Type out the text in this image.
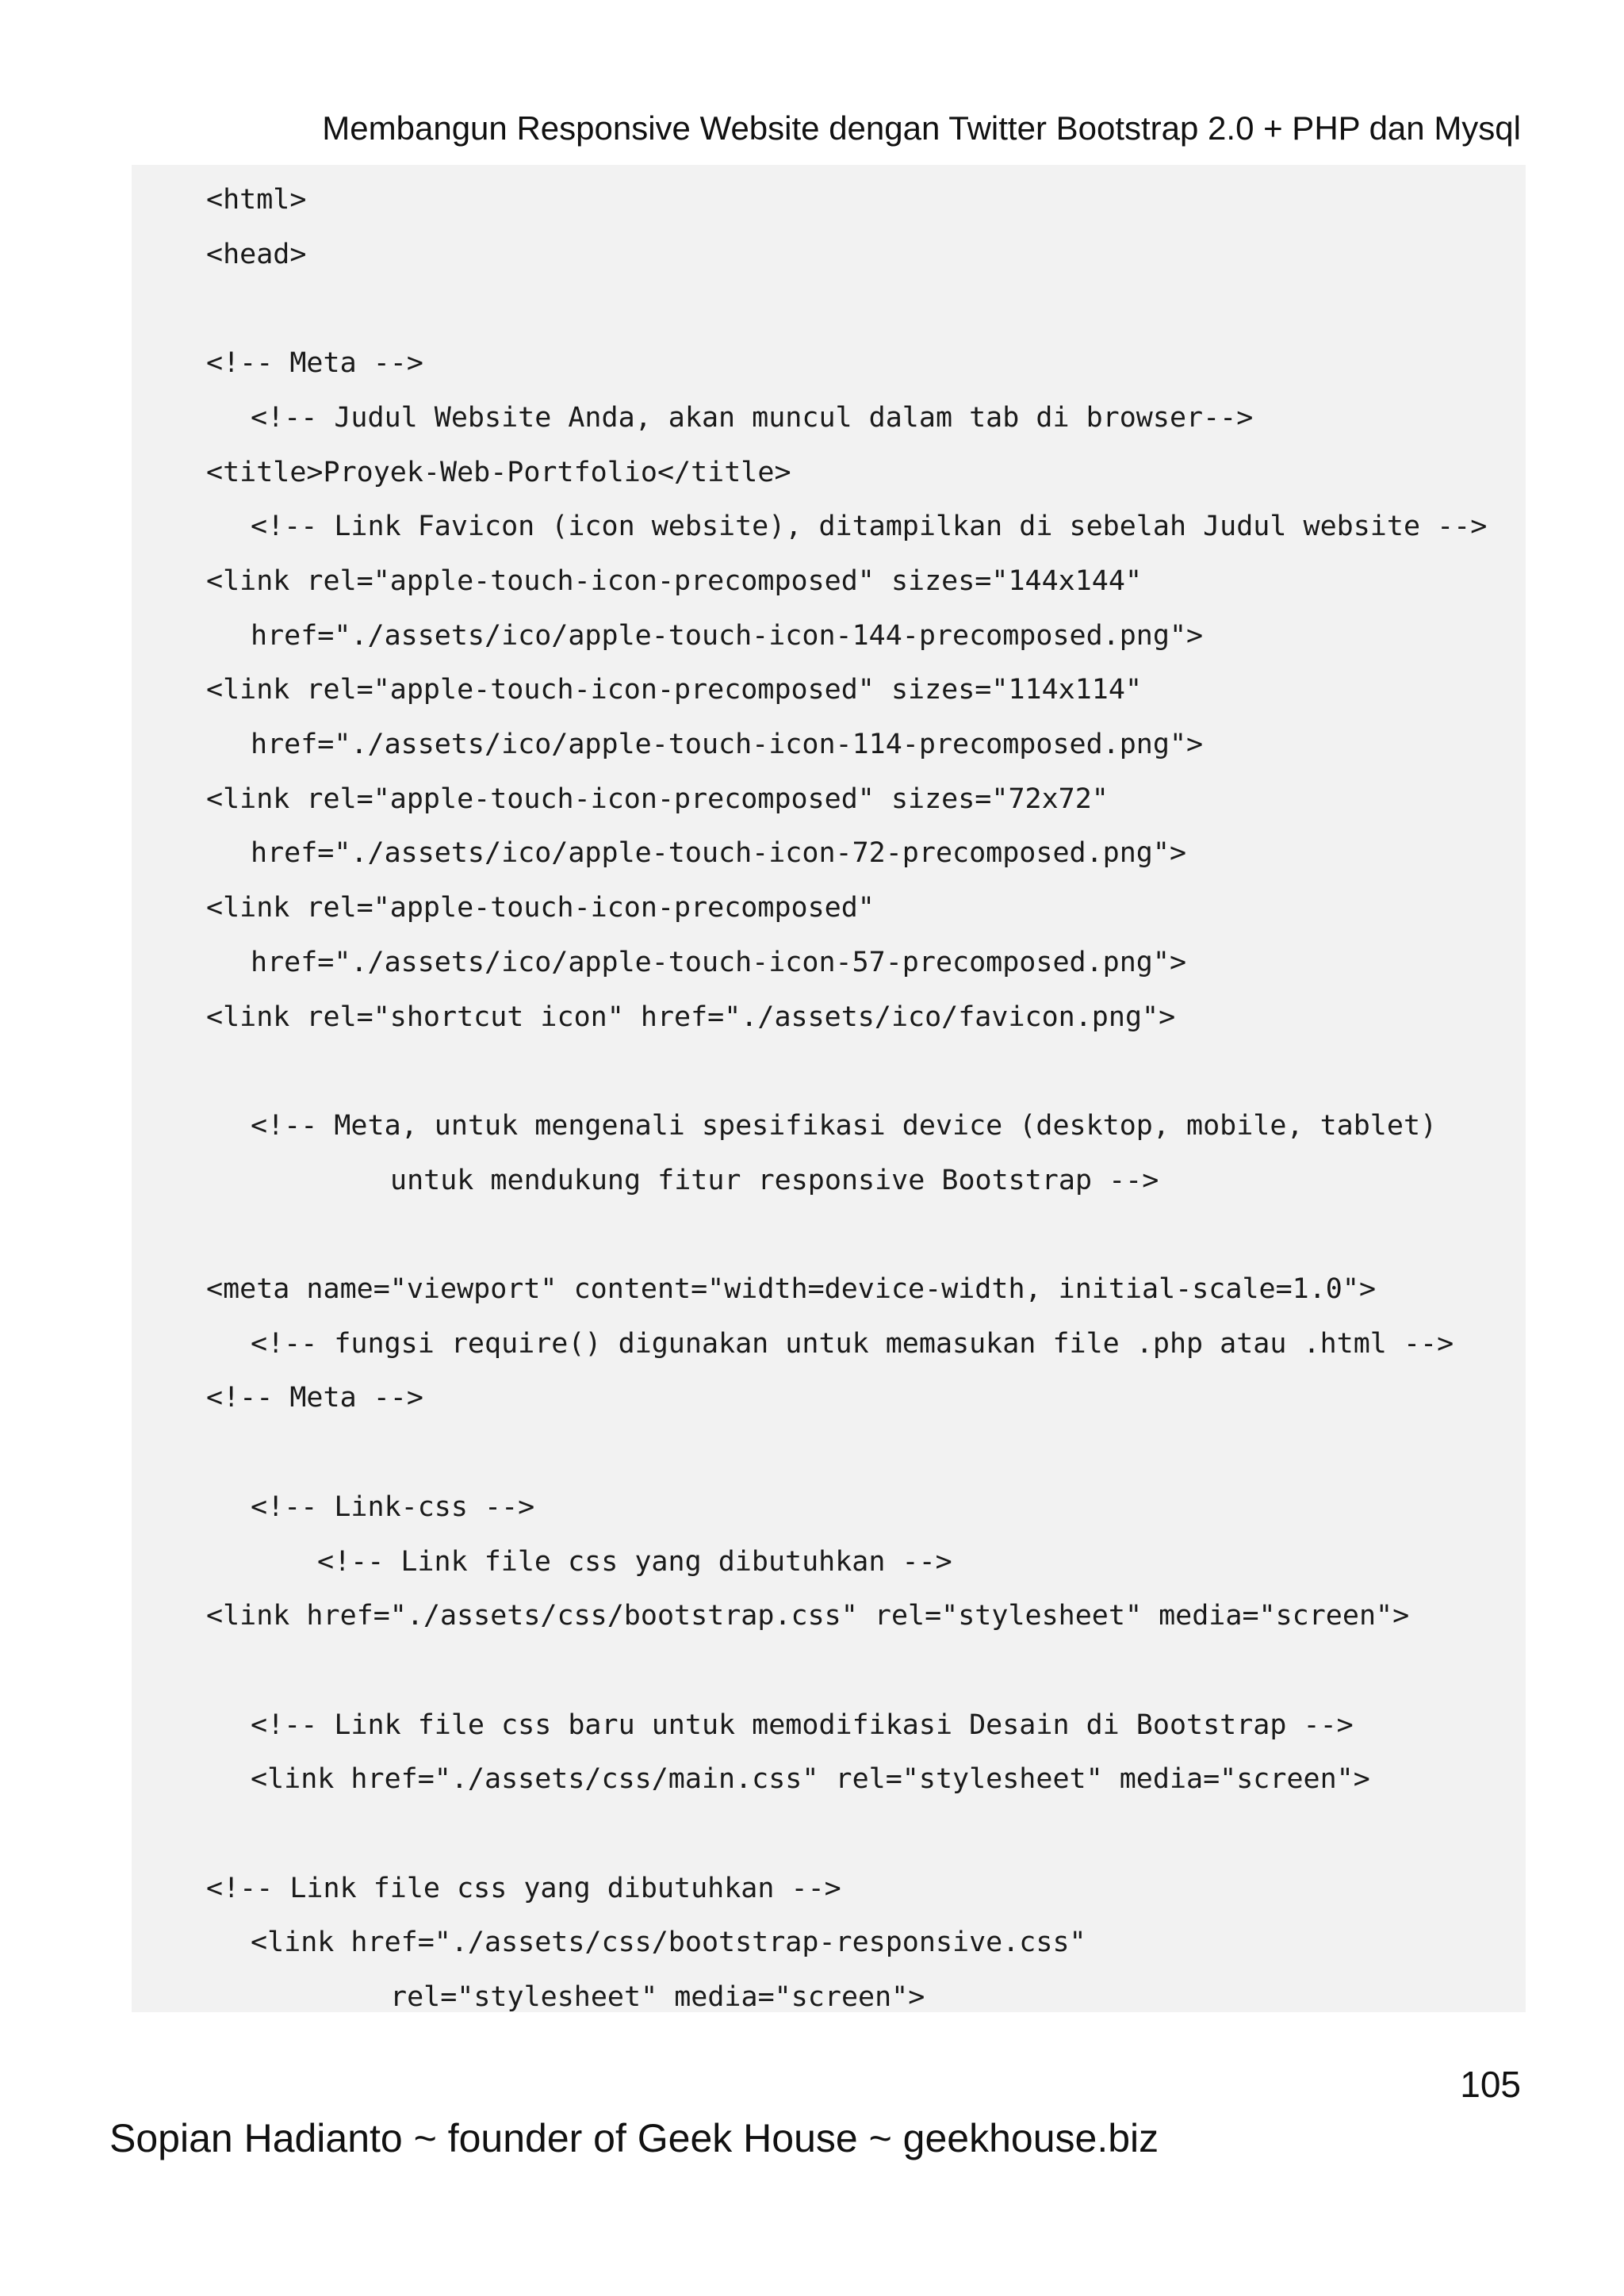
Membangun Responsive Website dengan Twitter Bootstrap 2.0 + PHP dan Mysql
<html>
<head>
<!-- Meta -->
<!-- Judul Website Anda, akan muncul dalam tab di browser-->
<title>Proyek-Web-Portfolio</title>
<!-- Link Favicon (icon website), ditampilkan di sebelah Judul website -->
<link rel="apple-touch-icon-precomposed" sizes="144x144"
href="./assets/ico/apple-touch-icon-144-precomposed.png">
<link rel="apple-touch-icon-precomposed" sizes="114x114"
href="./assets/ico/apple-touch-icon-114-precomposed.png">
<link rel="apple-touch-icon-precomposed" sizes="72x72"
href="./assets/ico/apple-touch-icon-72-precomposed.png">
<link rel="apple-touch-icon-precomposed"
href="./assets/ico/apple-touch-icon-57-precomposed.png">
<link rel="shortcut icon" href="./assets/ico/favicon.png">
<!-- Meta, untuk mengenali spesifikasi device (desktop, mobile, tablet)
untuk mendukung fitur responsive Bootstrap -->
<meta name="viewport" content="width=device-width, initial-scale=1.0">
<!-- fungsi require() digunakan untuk memasukan file .php atau .html -->
<!-- Meta -->
<!-- Link-css -->
<!-- Link file css yang dibutuhkan -->
<link href="./assets/css/bootstrap.css" rel="stylesheet" media="screen">
<!-- Link file css baru untuk memodifikasi Desain di Bootstrap -->
<link href="./assets/css/main.css" rel="stylesheet" media="screen">
<!-- Link file css yang dibutuhkan -->
<link href="./assets/css/bootstrap-responsive.css"
rel="stylesheet" media="screen">
105
Sopian Hadianto ~ founder of Geek House ~ geekhouse.biz
